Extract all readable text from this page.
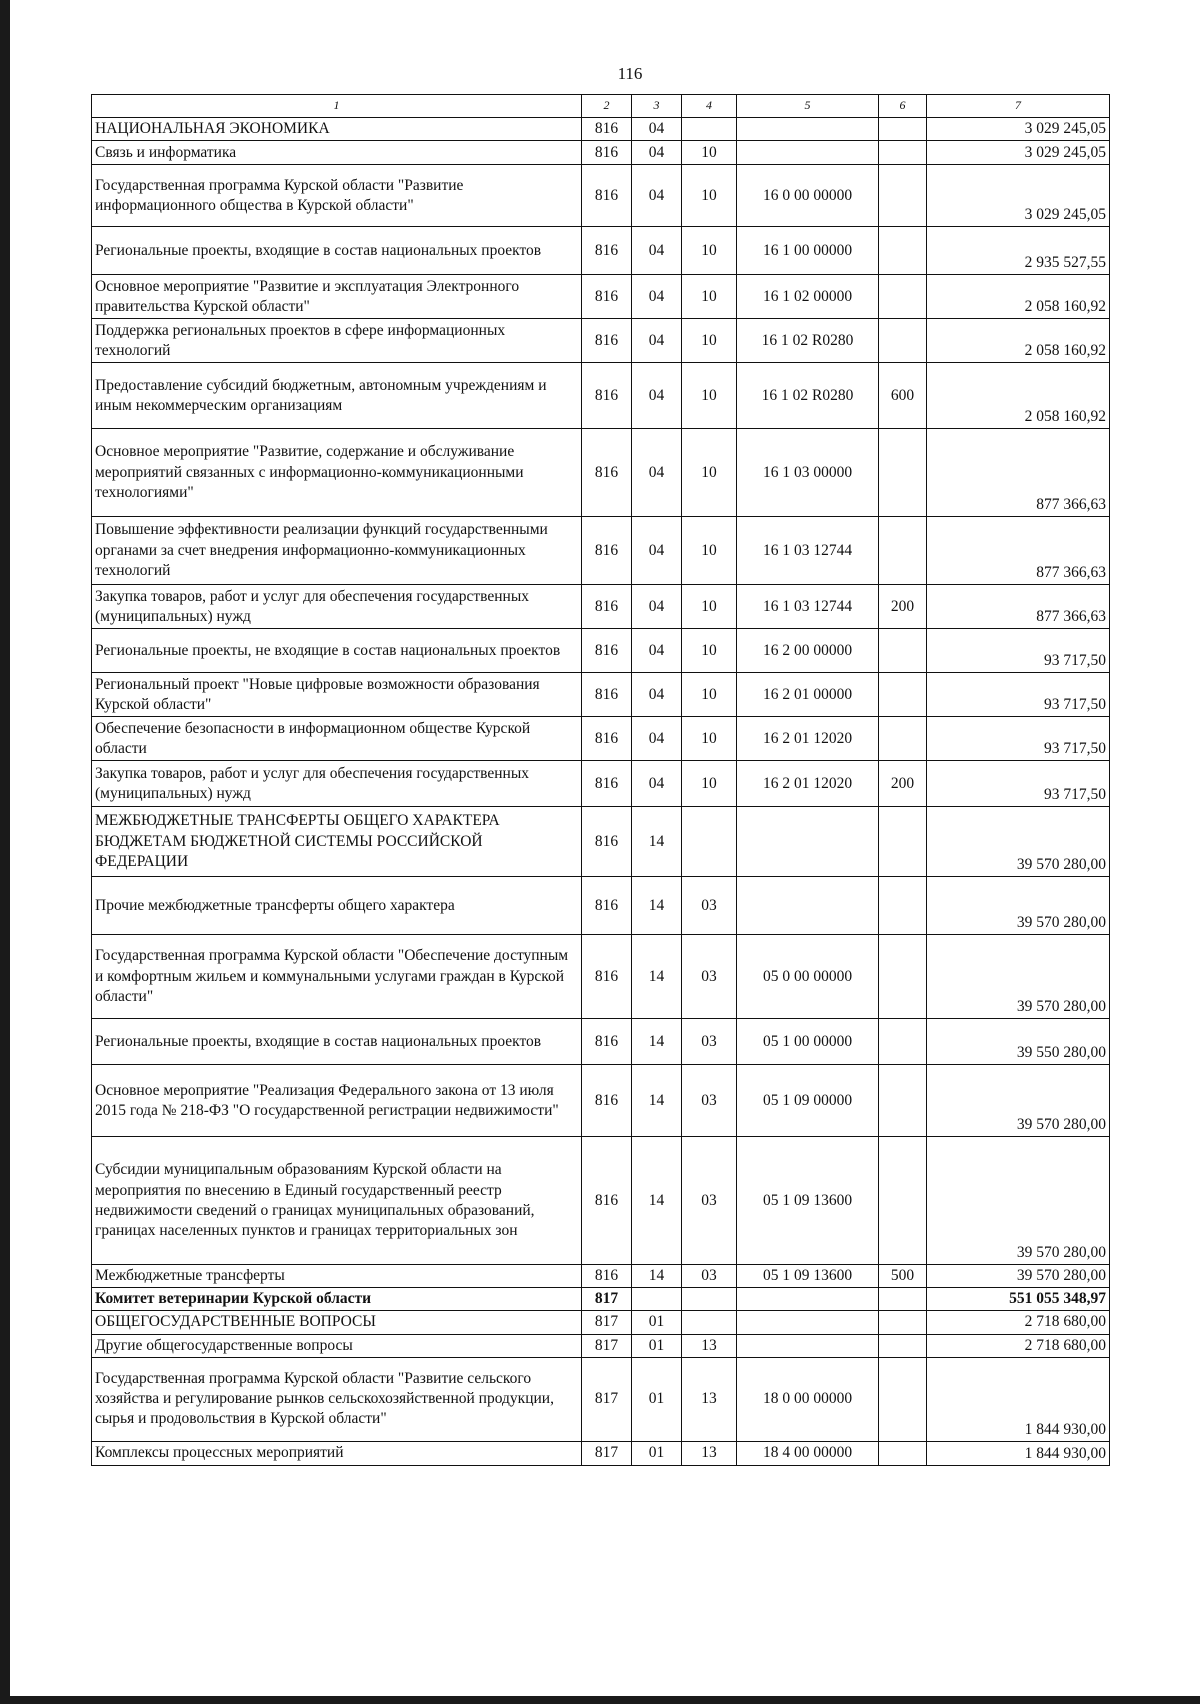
116
1	2	3	4	5	6	7
НАЦИОНАЛЬНАЯ ЭКОНОМИКА	816	04				3 029 245,05
Связь и информатика	816	04	10			3 029 245,05
Государственная программа Курской области "Развитие информационного общества в Курской области"	816	04	10	16 0 00 00000		3 029 245,05
Региональные проекты, входящие в состав национальных проектов	816	04	10	16 1 00 00000		2 935 527,55
Основное мероприятие "Развитие и эксплуатация Электронного правительства Курской области"	816	04	10	16 1 02 00000		2 058 160,92
Поддержка региональных проектов в сфере информационных технологий	816	04	10	16 1 02 R0280		2 058 160,92
Предоставление субсидий бюджетным, автономным учреждениям и иным некоммерческим организациям	816	04	10	16 1 02 R0280	600	2 058 160,92
Основное мероприятие "Развитие, содержание и обслуживание мероприятий связанных с информационно-коммуникационными технологиями"	816	04	10	16 1 03 00000		877 366,63
Повышение эффективности реализации функций государственными органами за счет внедрения информационно-коммуникационных технологий	816	04	10	16 1 03 12744		877 366,63
Закупка товаров, работ и услуг для обеспечения государственных (муниципальных) нужд	816	04	10	16 1 03 12744	200	877 366,63
Региональные проекты, не входящие в состав национальных проектов	816	04	10	16 2 00 00000		93 717,50
Региональный проект "Новые цифровые возможности образования Курской области"	816	04	10	16 2 01 00000		93 717,50
Обеспечение безопасности в информационном обществе Курской области	816	04	10	16 2 01 12020		93 717,50
Закупка товаров, работ и услуг для обеспечения государственных (муниципальных) нужд	816	04	10	16 2 01 12020	200	93 717,50
МЕЖБЮДЖЕТНЫЕ ТРАНСФЕРТЫ ОБЩЕГО ХАРАКТЕРА БЮДЖЕТАМ БЮДЖЕТНОЙ СИСТЕМЫ РОССИЙСКОЙ ФЕДЕРАЦИИ	816	14				39 570 280,00
Прочие межбюджетные трансферты общего характера	816	14	03			39 570 280,00
Государственная программа Курской области "Обеспечение доступным и комфортным жильем и коммунальными услугами граждан в Курской области"	816	14	03	05 0 00 00000		39 570 280,00
Региональные проекты, входящие в состав национальных проектов	816	14	03	05 1 00 00000		39 550 280,00
Основное мероприятие "Реализация Федерального закона от 13 июля 2015 года № 218-ФЗ "О государственной регистрации недвижимости"	816	14	03	05 1 09 00000		39 570 280,00
Субсидии муниципальным образованиям Курской области на мероприятия по внесению в Единый государственный реестр недвижимости сведений о границах муниципальных образований, границах населенных пунктов и границах территориальных зон	816	14	03	05 1 09 13600		39 570 280,00
Межбюджетные трансферты	816	14	03	05 1 09 13600	500	39 570 280,00
Комитет ветеринарии Курской области	817					551 055 348,97
ОБЩЕГОСУДАРСТВЕННЫЕ ВОПРОСЫ	817	01				2 718 680,00
Другие общегосударственные вопросы	817	01	13			2 718 680,00
Государственная программа Курской области "Развитие сельского хозяйства и регулирование рынков сельскохозяйственной продукции, сырья и продовольствия в Курской области"	817	01	13	18 0 00 00000		1 844 930,00
Комплексы процессных мероприятий	817	01	13	18 4 00 00000		1 844 930,00
